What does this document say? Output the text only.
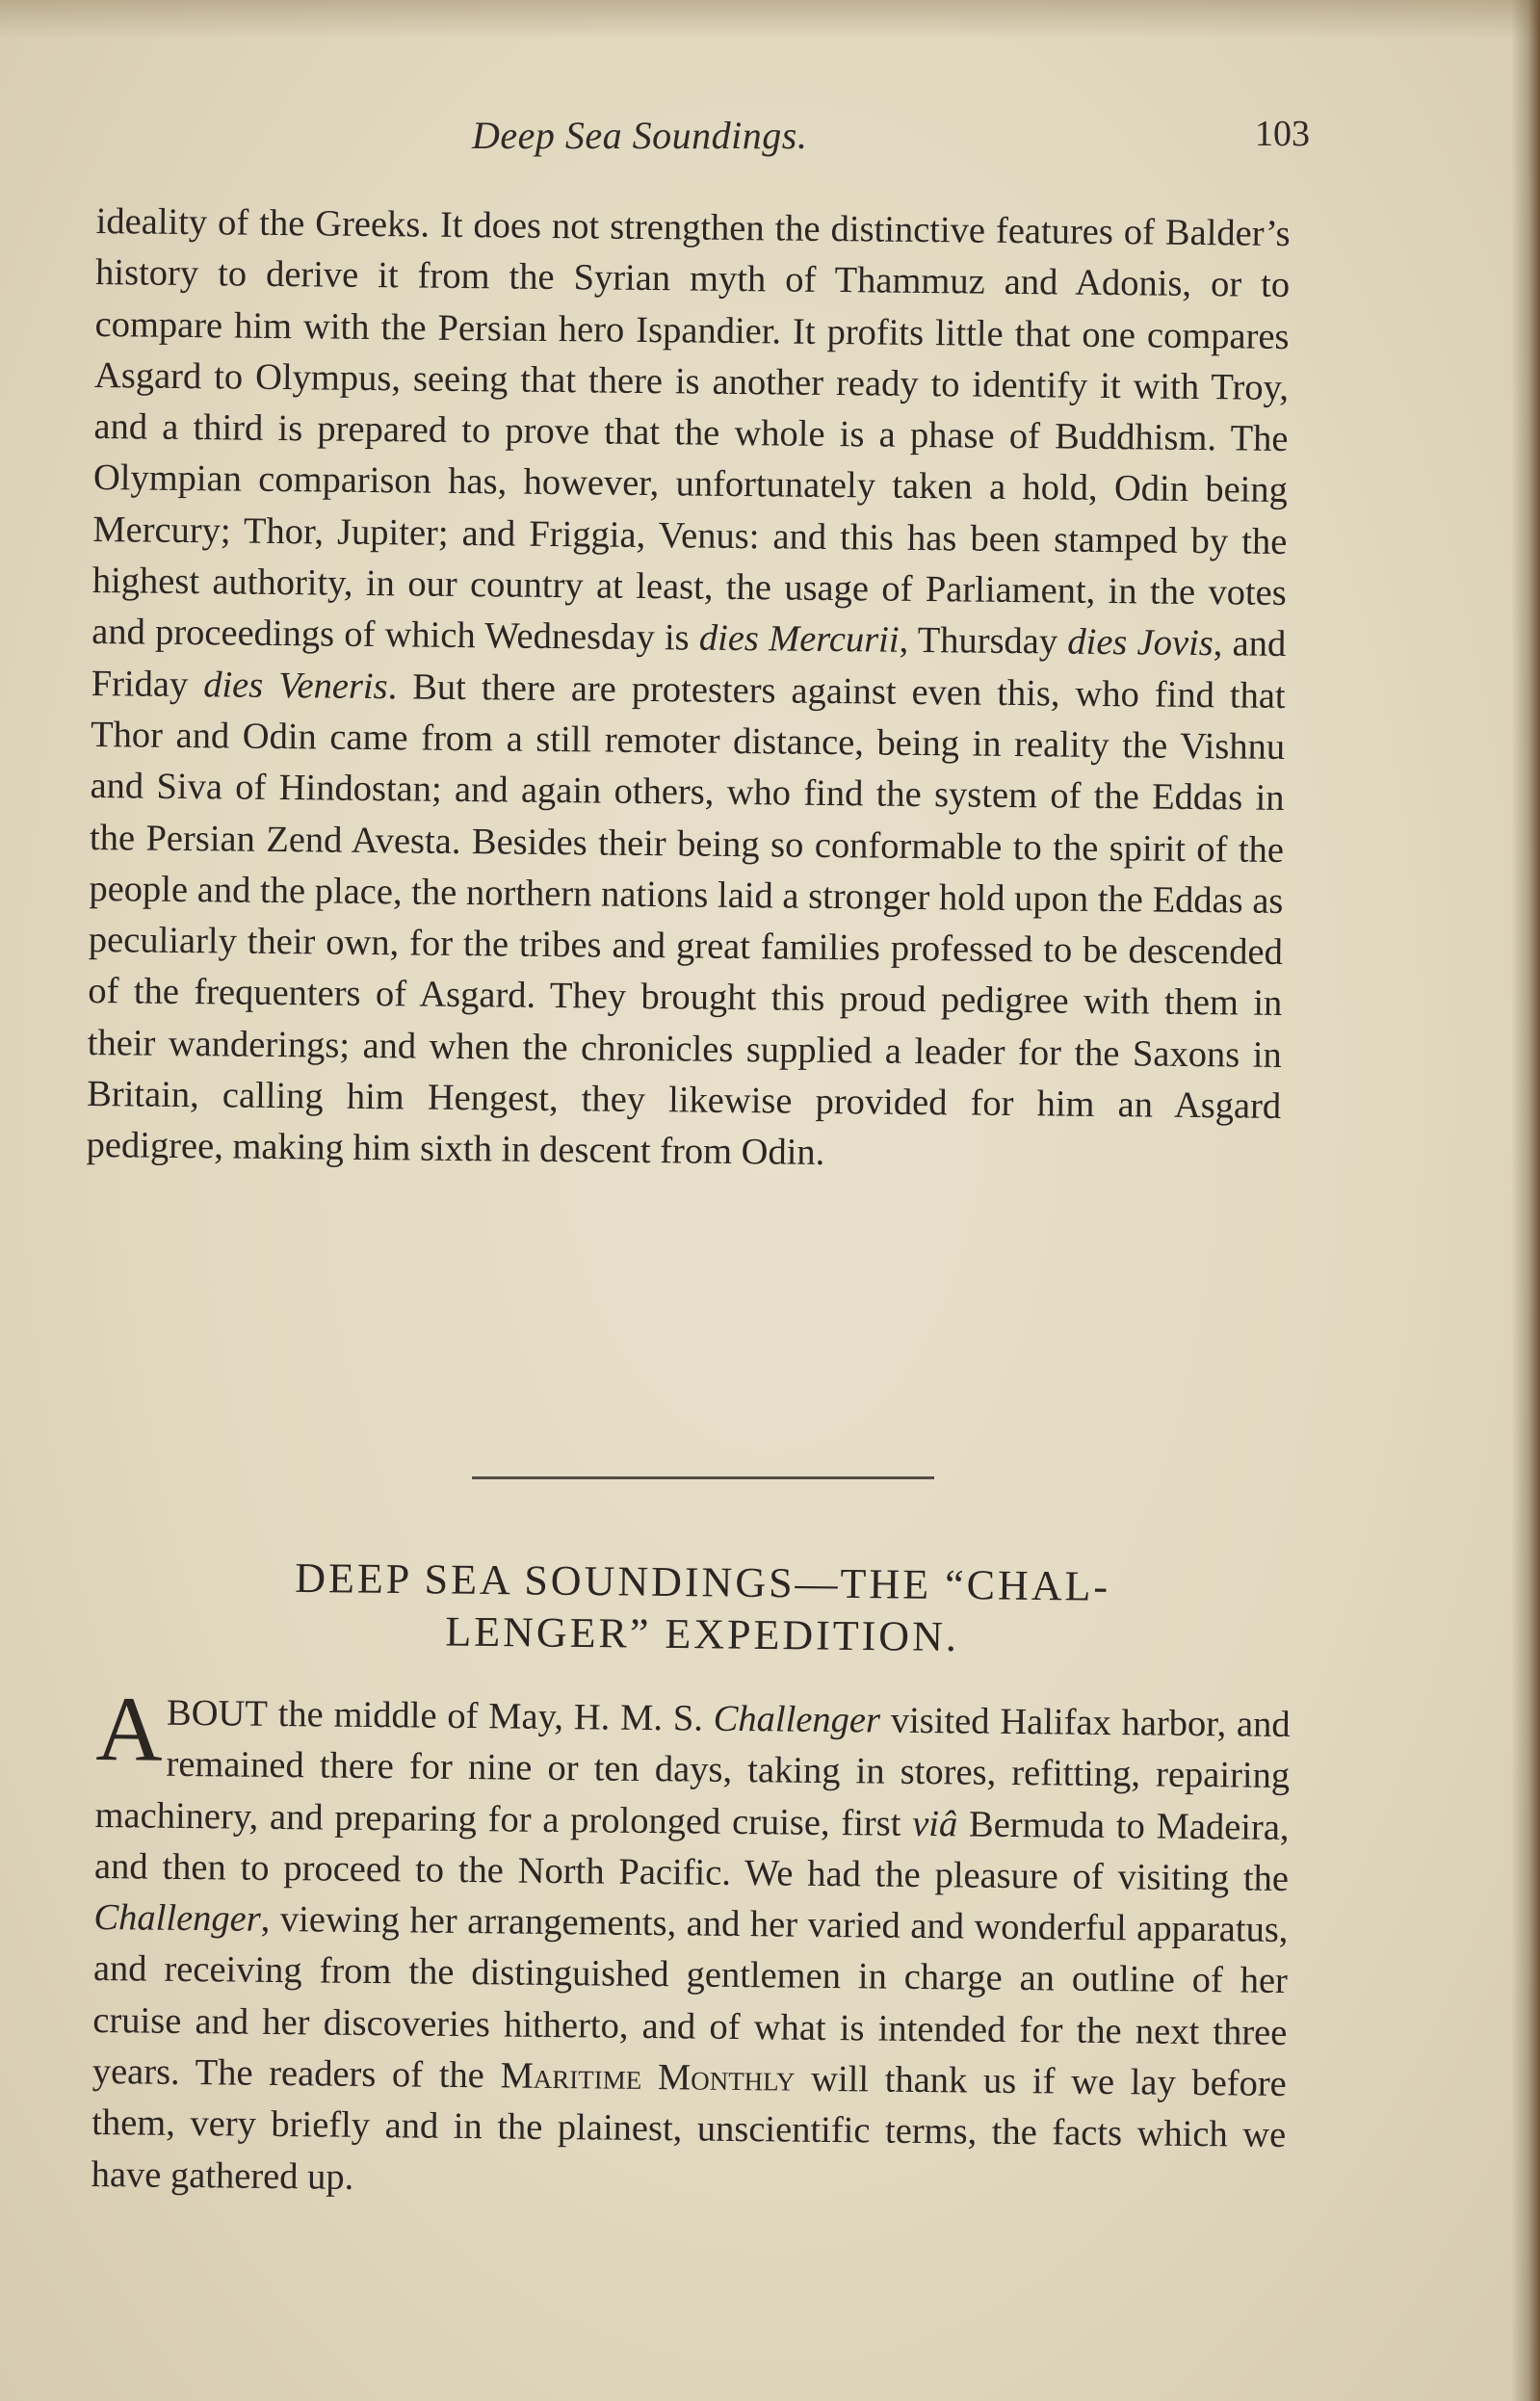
Deep Sea Soundings.	103

ideality of the Greeks. It does not strengthen the distinctive features of Balder’s history to derive it from the Syrian myth of Thammuz and Adonis, or to compare him with the Persian hero Ispandier. It profits little that one compares Asgard to Olympus, seeing that there is another ready to identify it with Troy, and a third is prepared to prove that the whole is a phase of Buddhism. The Olympian comparison has, however, unfortunately taken a hold, Odin being Mercury; Thor, Jupiter; and Friggia, Venus: and this has been stamped by the highest authority, in our country at least, the usage of Parliament, in the votes and proceedings of which Wednesday is dies Mercurii, Thursday dies Jovis, and Friday dies Veneris. But there are protesters against even this, who find that Thor and Odin came from a still remoter distance, being in reality the Vishnu and Siva of Hindostan; and again others, who find the system of the Eddas in the Persian Zend Avesta. Besides their being so conformable to the spirit of the people and the place, the northern nations laid a stronger hold upon the Eddas as peculiarly their own, for the tribes and great families professed to be descended of the frequenters of Asgard. They brought this proud pedigree with them in their wanderings; and when the chronicles supplied a leader for the Saxons in Britain, calling him Hengest, they likewise provided for him an Asgard pedigree, making him sixth in descent from Odin.

DEEP SEA SOUNDINGS—THE “CHAL-
LENGER” EXPEDITION.

ABOUT the middle of May, H. M. S. Challenger visited Halifax harbor, and remained there for nine or ten days, taking in stores, refitting, repairing machinery, and preparing for a prolonged cruise, first viâ Bermuda to Madeira, and then to proceed to the North Pacific. We had the pleasure of visiting the Challenger, viewing her arrangements, and her varied and wonderful apparatus, and receiving from the distinguished gentlemen in charge an outline of her cruise and her discoveries hitherto, and of what is intended for the next three years. The readers of the Maritime Monthly will thank us if we lay before them, very briefly and in the plainest, unscientific terms, the facts which we have gathered up.
